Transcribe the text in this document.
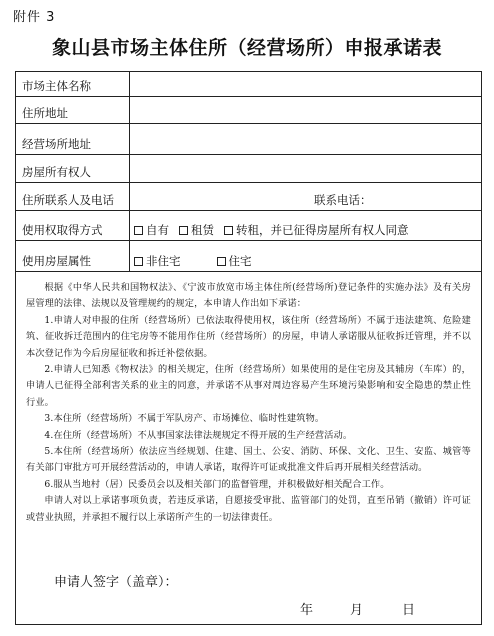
附件 3
象山县市场主体住所（经营场所）申报承诺表
市场主体名称
住所地址
经营场所地址
房屋所有权人
住所联系人及电话	联系电话：
使用权取得方式	自有 租赁 转租，并已征得房屋所有权人同意
使用房屋属性	非住宅	住宅

根据《中华人民共和国物权法》、《宁波市放宽市场主体住所(经营场所)登记条件的实施办法》及有关房屋管理的法律、法规以及管理规约的规定，本申请人作出如下承诺：

1.申请人对申报的住所（经营场所）已依法取得使用权，该住所（经营场所）不属于违法建筑、危险建筑、征收拆迁范围内的住宅房等不能用作住所（经营场所）的房屋，申请人承诺服从征收拆迁管理，并不以本次登记作为今后房屋征收和拆迁补偿依据。

2.申请人已知悉《物权法》的相关规定，住所（经营场所）如果使用的是住宅房及其辅房（车库）的，申请人已征得全部利害关系的业主的同意，并承诺不从事对周边容易产生环境污染影响和安全隐患的禁止性行业。

3.本住所（经营场所）不属于军队房产、市场摊位、临时性建筑物。

4.在住所（经营场所）不从事国家法律法规规定不得开展的生产经营活动。

5.本住所（经营场所）依法应当经规划、住建、国土、公安、消防、环保、文化、卫生、安监、城管等有关部门审批方可开展经营活动的，申请人承诺，取得许可证或批准文件后再开展相关经营活动。

6.服从当地村（居）民委员会以及相关部门的监督管理，并积极做好相关配合工作。

申请人对以上承诺事项负责，若违反承诺，自愿接受审批、监管部门的处罚，直至吊销（撤销）许可证或营业执照，并承担不履行以上承诺所产生的一切法律责任。

申请人签字（盖章）：
年	月	日
